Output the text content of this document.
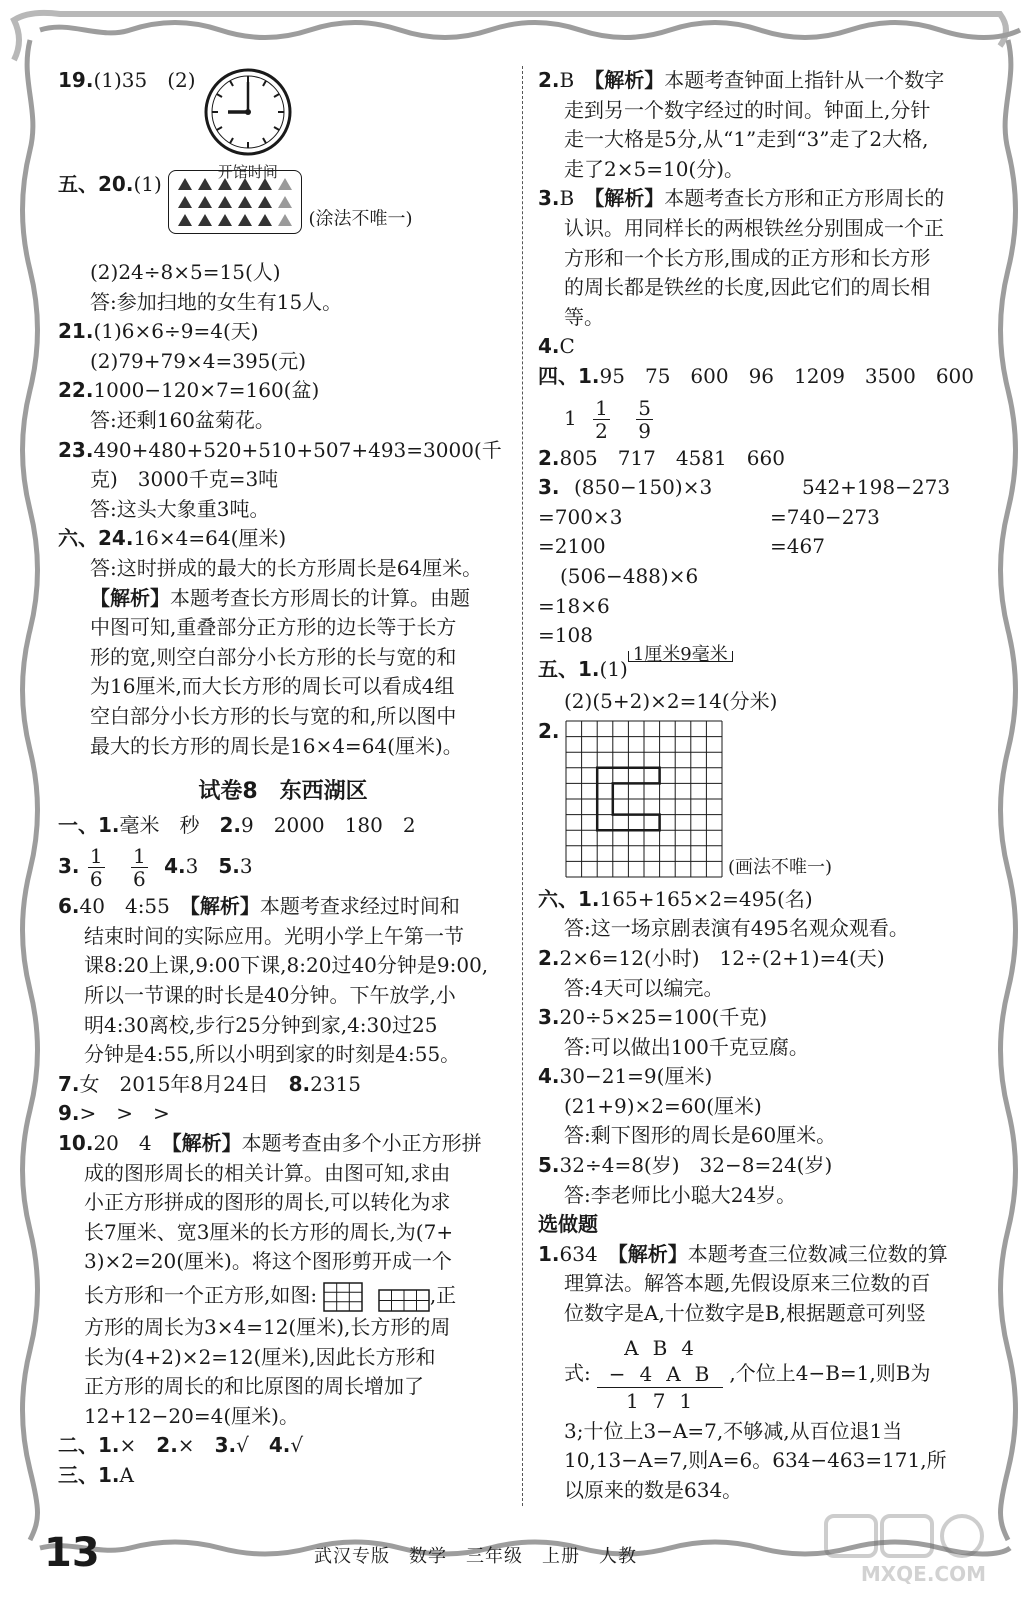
19.(1)35　(2)
开馆时间
五、20.(1)

(涂法不唯一)
(2)24÷8×5=15(人)
答:参加扫地的女生有15人。
21.(1)6×6÷9=4(天)
(2)79+79×4=395(元)
22.1000−120×7=160(盆)
答:还剩160盆菊花。
23.490+480+520+510+507+493=3000(千
克)　3000千克=3吨
答:这头大象重3吨。
六、24.16×4=64(厘米)
答:这时拼成的最大的长方形周长是64厘米。
【解析】本题考查长方形周长的计算。由题
中图可知,重叠部分正方形的边长等于长方
形的宽,则空白部分小长方形的长与宽的和
为16厘米,而大长方形的周长可以看成4组
空白部分小长方形的长与宽的和,所以图中
最大的长方形的周长是16×4=64(厘米)。
试卷8　东西湖区
一、1.毫米　秒　 2.9　2000　180　2
3. $\frac{1}{6}$
$\frac{1}{6} 4.3$　 5.3
6.40　4:55　 【解析】本题考查求经过时间和
结束时间的实际应用。光明小学上午第一节
课8:20上课,9:00下课,8:20过40分钟是9:00,
所以一节课的时长是40分钟。下午放学,小
明4:30离校,步行25分钟到家,4:30过25
分钟是4:55,所以小明到家的时刻是4:55。
7.女　2015年8月24日　 8.2315
9.>　>　>
10.20　4　 【解析】本题考查由多个小正方形拼
成的图形周长的相关计算。由图可知,求由
小正方形拼成的图形的周长,可以转化为求
长7厘米、宽3厘米的长方形的周长,为(7+
3)×2=20(厘米)。将这个图形剪开成一个
长方形和一个正方形,如图:	,正
方形的周长为3×4=12(厘米),长方形的周
长为(4+2)×2=12(厘米),因此长方形和
正方形的周长的和比原图的周长增加了
12+12−20=4(厘米)。
二、1.×　 2.×　 3.√　 4.√
三、1.A
2.B　 【解析】本题考查钟面上指针从一个数字
走到另一个数字经过的时间。钟面上,分针
走一大格是5分,从“1”走到“3”走了2大格,
走了2×5=10(分)。
3.B　 【解析】本题考查长方形和正方形周长的
认识。用同样长的两根铁丝分别围成一个正
方形和一个长方形,围成的正方形和长方形
的周长都是铁丝的长度,因此它们的周长相
等。
4.C
四、1.95　75　600　96　1209　3500　600
$1 \frac{1}{2}$
$\frac{5}{9}$
2.805　717　4581　660
3. (850−150)×3
=700×3
=2100
(506−488)×6
=18×6
=108
542+198−273
=740−273
=467
五、1.(1)1厘米9毫米
(2)(5+2)×2=14(分米)
2.
(画法不唯一)
六、1.165+165×2=495(名)
答:这一场京剧表演有495名观众观看。
2.2×6=12(小时)　12÷(2+1)=4(天)
答:4天可以编完。
3.20÷5×25=100(千克)
答:可以做出100千克豆腐。
4.30−21=9(厘米)
(21+9)×2=60(厘米)
答:剩下图形的周长是60厘米。
5.32÷4=8(岁)　32−8=24(岁)
答:李老师比小聪大24岁。
选做题
1.634　 【解析】本题考查三位数减三位数的算
理算法。解答本题,先假设原来三位数的百
位数字是A,十位数字是B,根据题意可列竖
式:
AB4
−4AB
171
,个位上4−B=1,则B为
3;十位上3−A=7,不够减,从百位退1当
10,13−A=7,则A=6。634−463=171,所
以原来的数是634。
13	武汉专版　数学　三年级　上册　人教
MXQE.COM
